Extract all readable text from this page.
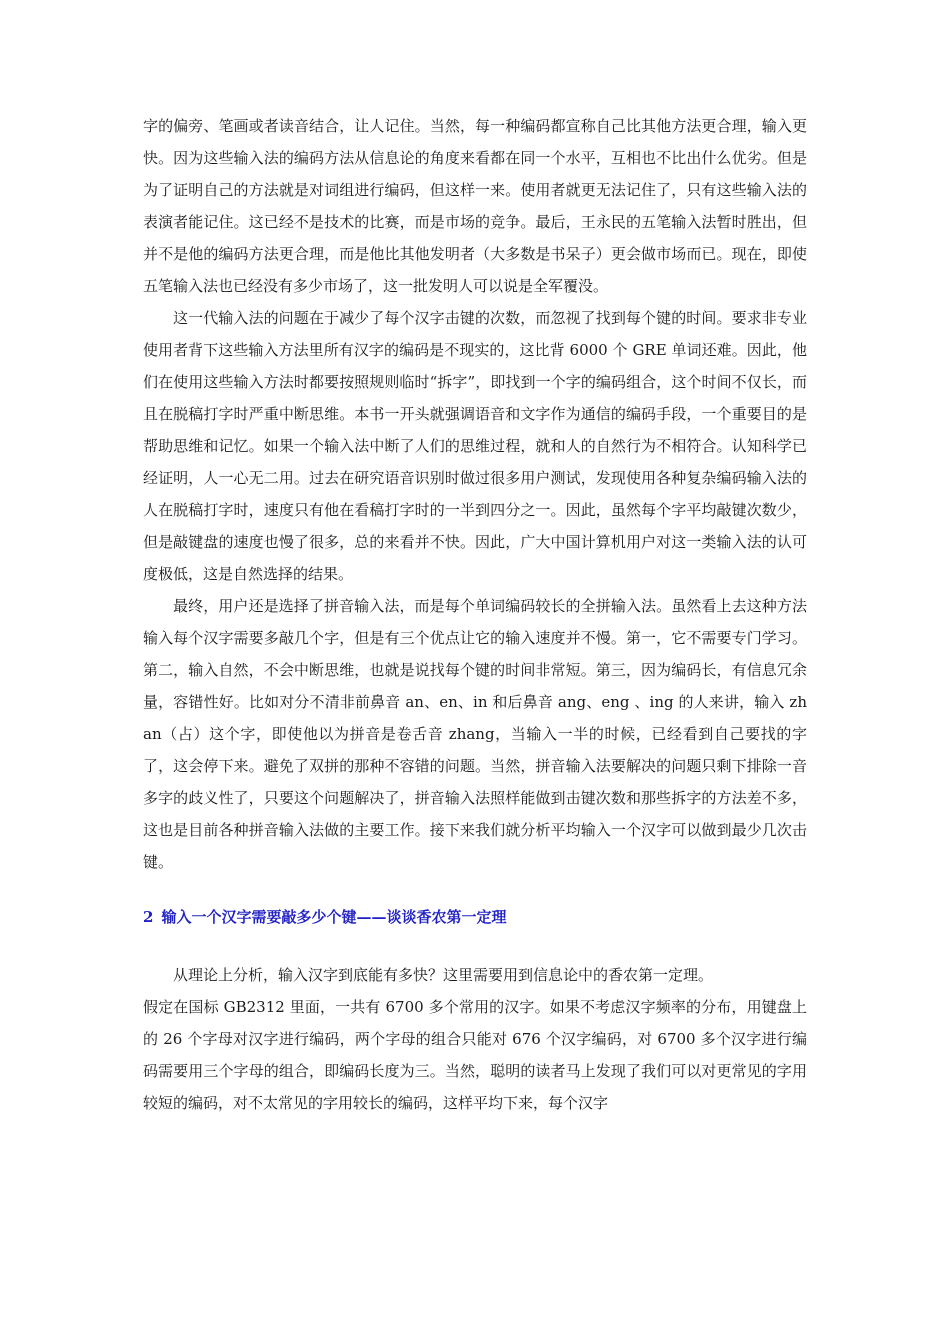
字的偏旁、笔画或者读音结合，让人记住。当然，每一种编码都宣称自己比其他方法更合理，输入更快。因为这些输入法的编码方法从信息论的角度来看都在同一个水平，互相也不比出什么优劣。但是为了证明自己的方法就是对词组进行编码，但这样一来。使用者就更无法记住了，只有这些输入法的表演者能记住。这已经不是技术的比赛，而是市场的竞争。最后，王永民的五笔输入法暂时胜出，但并不是他的编码方法更合理，而是他比其他发明者（大多数是书呆子）更会做市场而已。现在，即使五笔输入法也已经没有多少市场了，这一批发明人可以说是全军覆没。

这一代输入法的问题在于减少了每个汉字击键的次数，而忽视了找到每个键的时间。要求非专业使用者背下这些输入方法里所有汉字的编码是不现实的，这比背 6000 个 GRE 单词还难。因此，他们在使用这些输入方法时都要按照规则临时“拆字”，即找到一个字的编码组合，这个时间不仅长，而且在脱稿打字时严重中断思维。本书一开头就强调语音和文字作为通信的编码手段，一个重要目的是帮助思维和记忆。如果一个输入法中断了人们的思维过程，就和人的自然行为不相符合。认知科学已经证明，人一心无二用。过去在研究语音识别时做过很多用户测试，发现使用各种复杂编码输入法的人在脱稿打字时，速度只有他在看稿打字时的一半到四分之一。因此，虽然每个字平均敲键次数少，但是敲键盘的速度也慢了很多，总的来看并不快。因此，广大中国计算机用户对这一类输入法的认可度极低，这是自然选择的结果。

最终，用户还是选择了拼音输入法，而是每个单词编码较长的全拼输入法。虽然看上去这种方法输入每个汉字需要多敲几个字，但是有三个优点让它的输入速度并不慢。第一，它不需要专门学习。第二，输入自然，不会中断思维，也就是说找每个键的时间非常短。第三，因为编码长，有信息冗余量，容错性好。比如对分不清非前鼻音 an、en、in 和后鼻音 ang、eng 、ing 的人来讲，输入 zhan（占）这个字，即使他以为拼音是卷舌音 zhang，当输入一半的时候，已经看到自己要找的字了，这会停下来。避免了双拼的那种不容错的问题。当然，拼音输入法要解决的问题只剩下排除一音多字的歧义性了，只要这个问题解决了，拼音输入法照样能做到击键次数和那些拆字的方法差不多，这也是目前各种拼音输入法做的主要工作。接下来我们就分析平均输入一个汉字可以做到最少几次击键。

2 输入一个汉字需要敲多少个键——谈谈香农第一定理

从理论上分析，输入汉字到底能有多快？这里需要用到信息论中的香农第一定理。

假定在国标 GB2312 里面，一共有 6700 多个常用的汉字。如果不考虑汉字频率的分布，用键盘上的 26 个字母对汉字进行编码，两个字母的组合只能对 676 个汉字编码，对 6700 多个汉字进行编码需要用三个字母的组合，即编码长度为三。当然，聪明的读者马上发现了我们可以对更常见的字用较短的编码，对不太常见的字用较长的编码，这样平均下来，每个汉字
